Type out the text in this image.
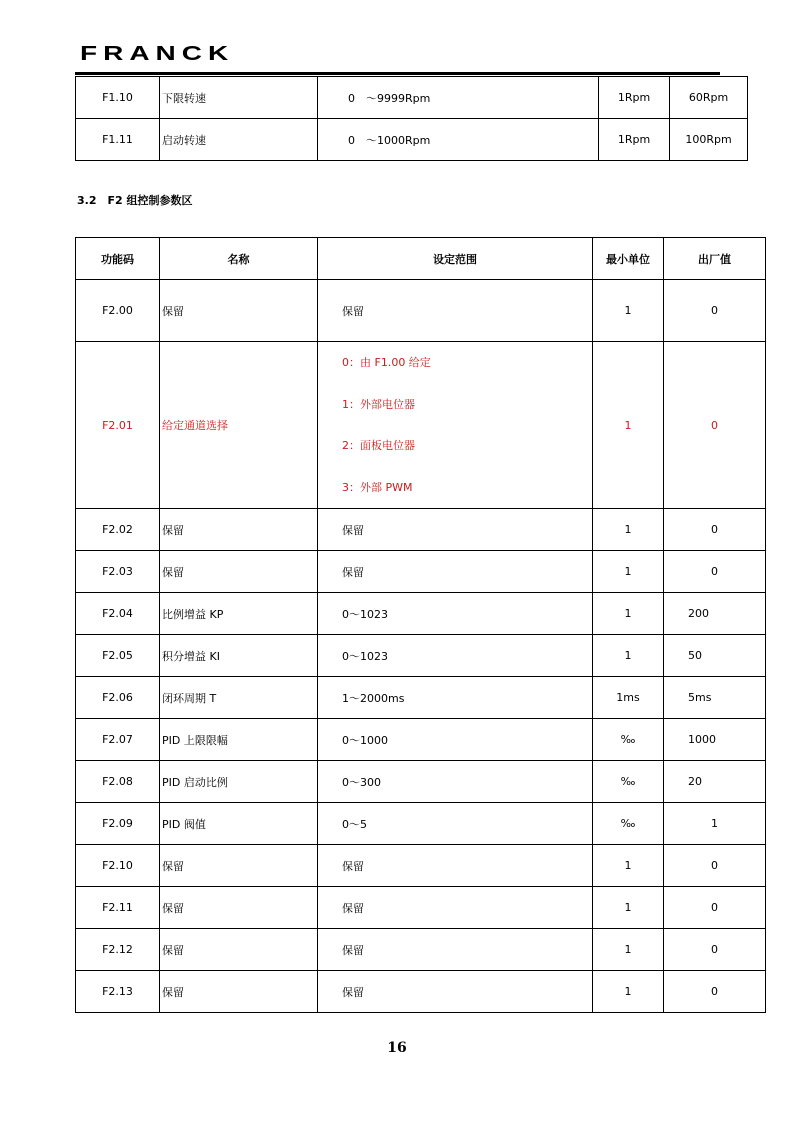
FRANCK
F1.10	下限转速	0　～9999Rpm	1Rpm	60Rpm
F1.11	启动转速	0　～1000Rpm	1Rpm	100Rpm
3.2　F2 组控制参数区
功能码	名称	设定范围	最小单位	出厂值
F2.00	保留	保留	1	0
F2.01	给定通道选择	0：由 F1.00 给定
1：外部电位器
2：面板电位器
3：外部 PWM	1	0
F2.02	保留	保留	1	0
F2.03	保留	保留	1	0
F2.04	比例增益 KP	0～1023	1	200
F2.05	积分增益 KI	0～1023	1	50
F2.06	闭环周期 T	1～2000ms	1ms	5ms
F2.07	PID 上限限幅	0～1000	‰	1000
F2.08	PID 启动比例	0～300	‰	20
F2.09	PID 阀值	0～5	‰	1
F2.10	保留	保留	1	0
F2.11	保留	保留	1	0
F2.12	保留	保留	1	0
F2.13	保留	保留	1	0
16
